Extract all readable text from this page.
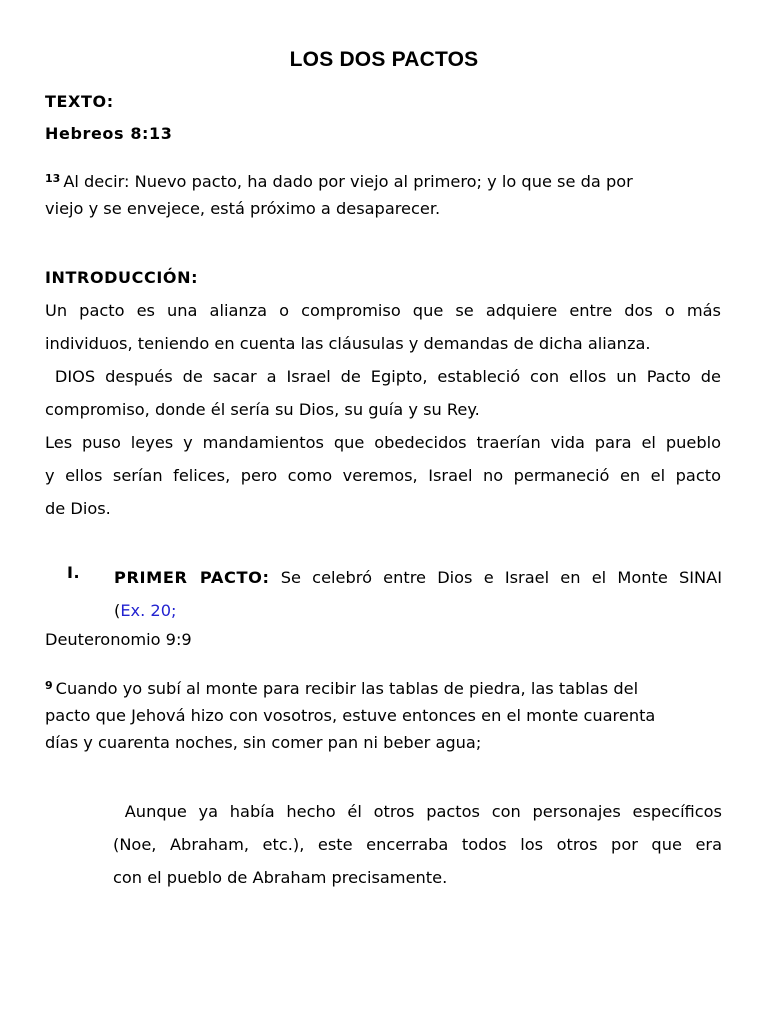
LOS DOS PACTOS
TEXTO:
Hebreos 8:13
$^{13}$ Al decir: Nuevo pacto, ha dado por viejo al primero; y lo que se da por
viejo y se envejece, está próximo a desaparecer.
INTRODUCCIÓN:
Un pacto es una alianza o compromiso que se adquiere entre dos o más
individuos, teniendo en cuenta las cláusulas y demandas de dicha alianza.
DIOS después de sacar a Israel de Egipto, estableció con ellos un Pacto de
compromiso, donde él sería su Dios, su guía y su Rey.
Les puso leyes y mandamientos que obedecidos traerían vida para el pueblo
y ellos serían felices, pero como veremos, Israel no permaneció en el pacto
de Dios.
I. PRIMER PACTO: Se celebró entre Dios e Israel en el Monte SINAI
(Ex. 20;
Deuteronomio 9:9
$^9$ Cuando yo subí al monte para recibir las tablas de piedra, las tablas del
pacto que Jehová hizo con vosotros, estuve entonces en el monte cuarenta
días y cuarenta noches, sin comer pan ni beber agua;
Aunque ya había hecho él otros pactos con personajes específicos
(Noe, Abraham, etc.), este encerraba todos los otros por que era
con el pueblo de Abraham precisamente.
